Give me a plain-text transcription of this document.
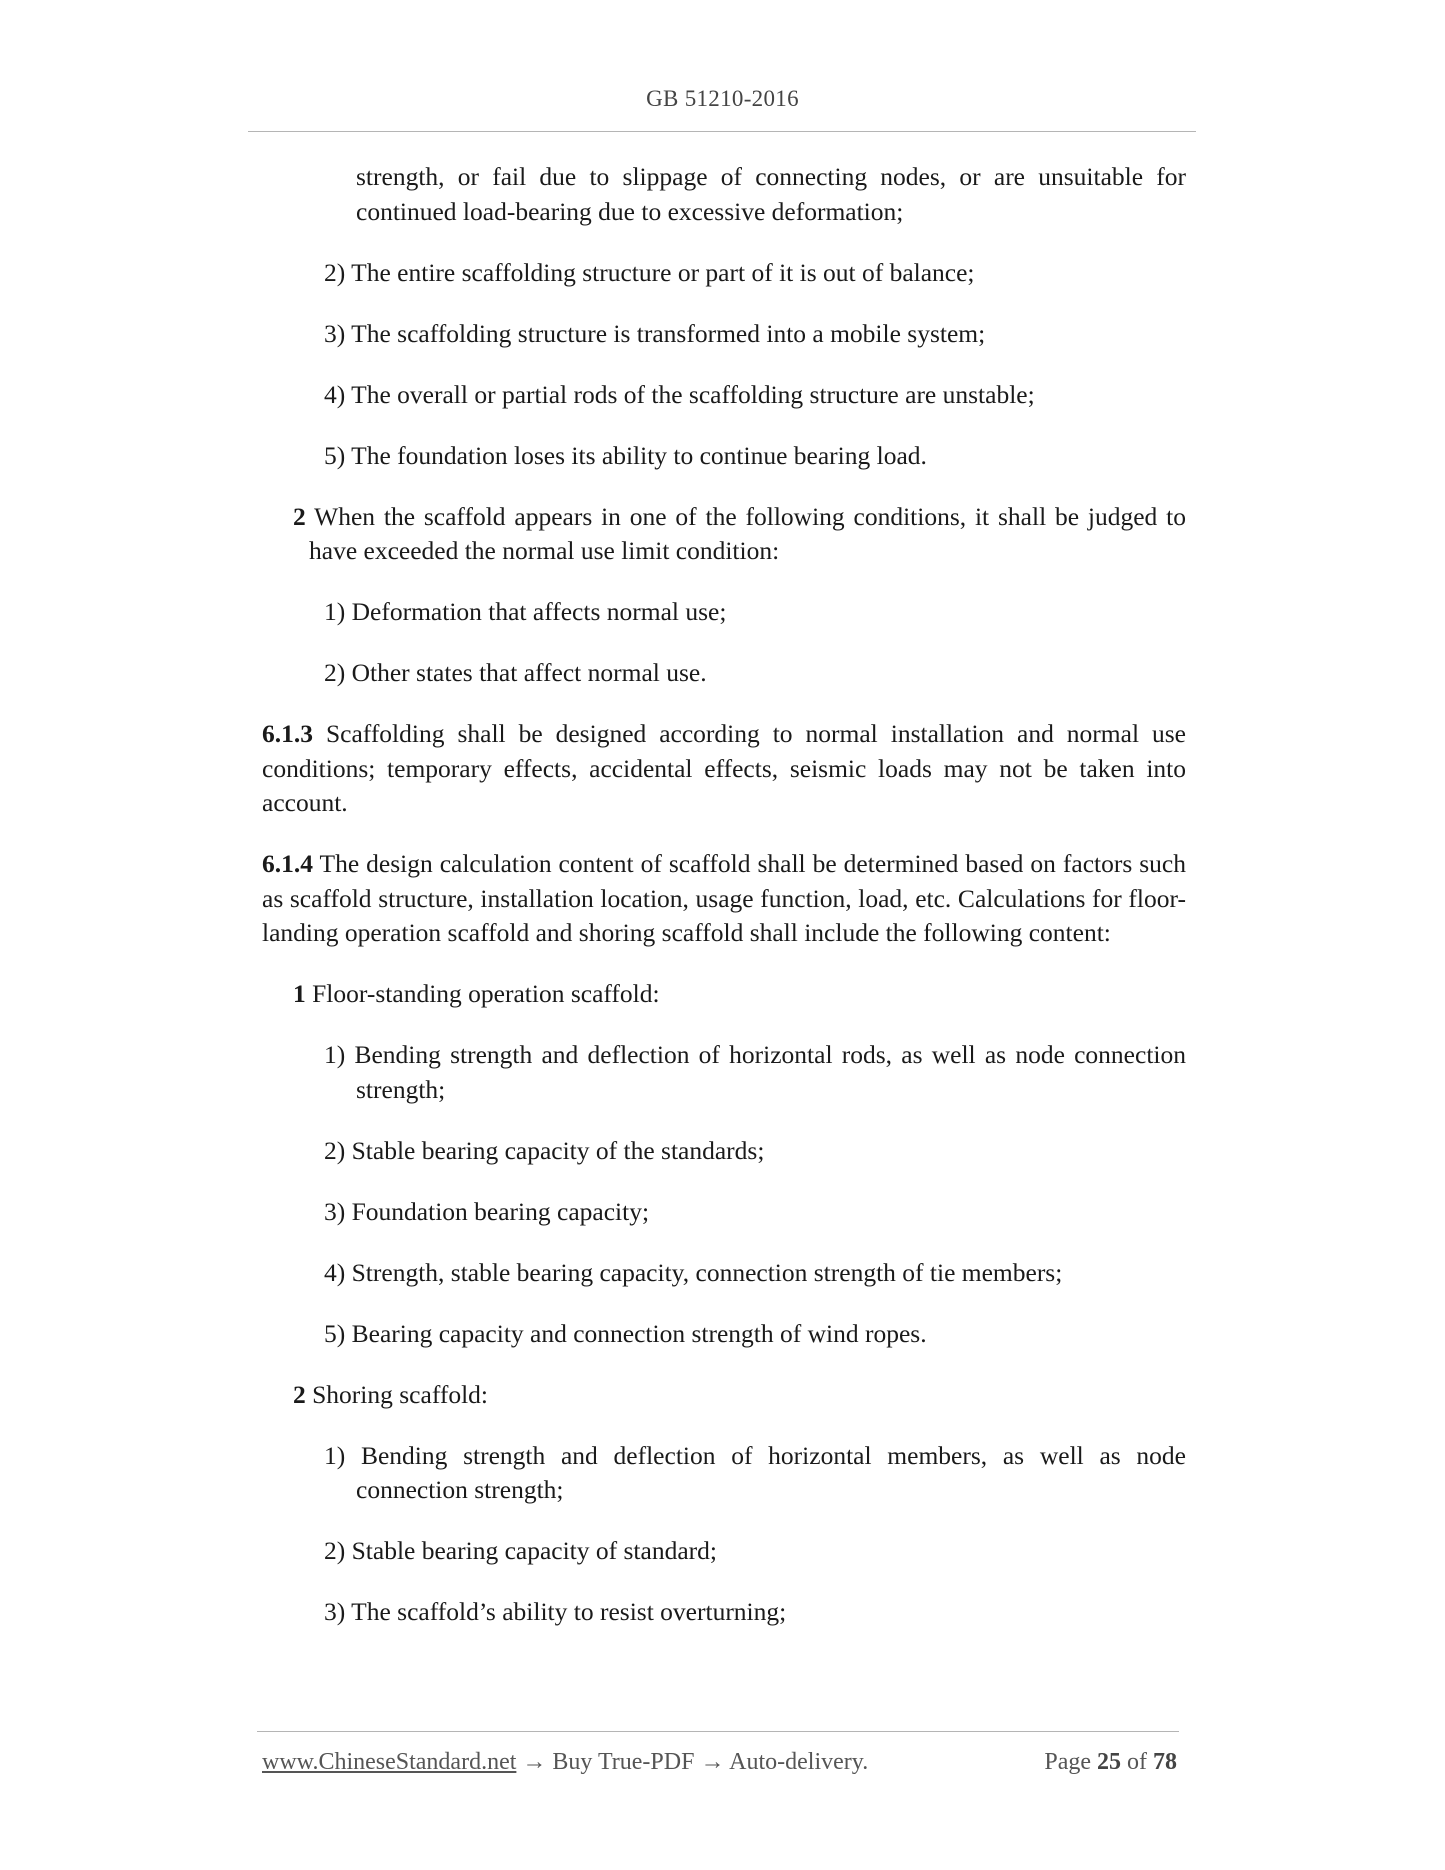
GB 51210-2016

strength, or fail due to slippage of connecting nodes, or are unsuitable for continued load-bearing due to excessive deformation;

2) The entire scaffolding structure or part of it is out of balance;

3) The scaffolding structure is transformed into a mobile system;

4) The overall or partial rods of the scaffolding structure are unstable;

5) The foundation loses its ability to continue bearing load.

2 When the scaffold appears in one of the following conditions, it shall be judged to have exceeded the normal use limit condition:

1) Deformation that affects normal use;

2) Other states that affect normal use.

6.1.3 Scaffolding shall be designed according to normal installation and normal use conditions; temporary effects, accidental effects, seismic loads may not be taken into account.

6.1.4 The design calculation content of scaffold shall be determined based on factors such as scaffold structure, installation location, usage function, load, etc. Calculations for floor-landing operation scaffold and shoring scaffold shall include the following content:

1 Floor-standing operation scaffold:

1) Bending strength and deflection of horizontal rods, as well as node connection strength;

2) Stable bearing capacity of the standards;

3) Foundation bearing capacity;

4) Strength, stable bearing capacity, connection strength of tie members;

5) Bearing capacity and connection strength of wind ropes.

2 Shoring scaffold:

1) Bending strength and deflection of horizontal members, as well as node connection strength;

2) Stable bearing capacity of standard;

3) The scaffold’s ability to resist overturning;

www.ChineseStandard.net → Buy True-PDF → Auto-delivery.	Page 25 of 78
